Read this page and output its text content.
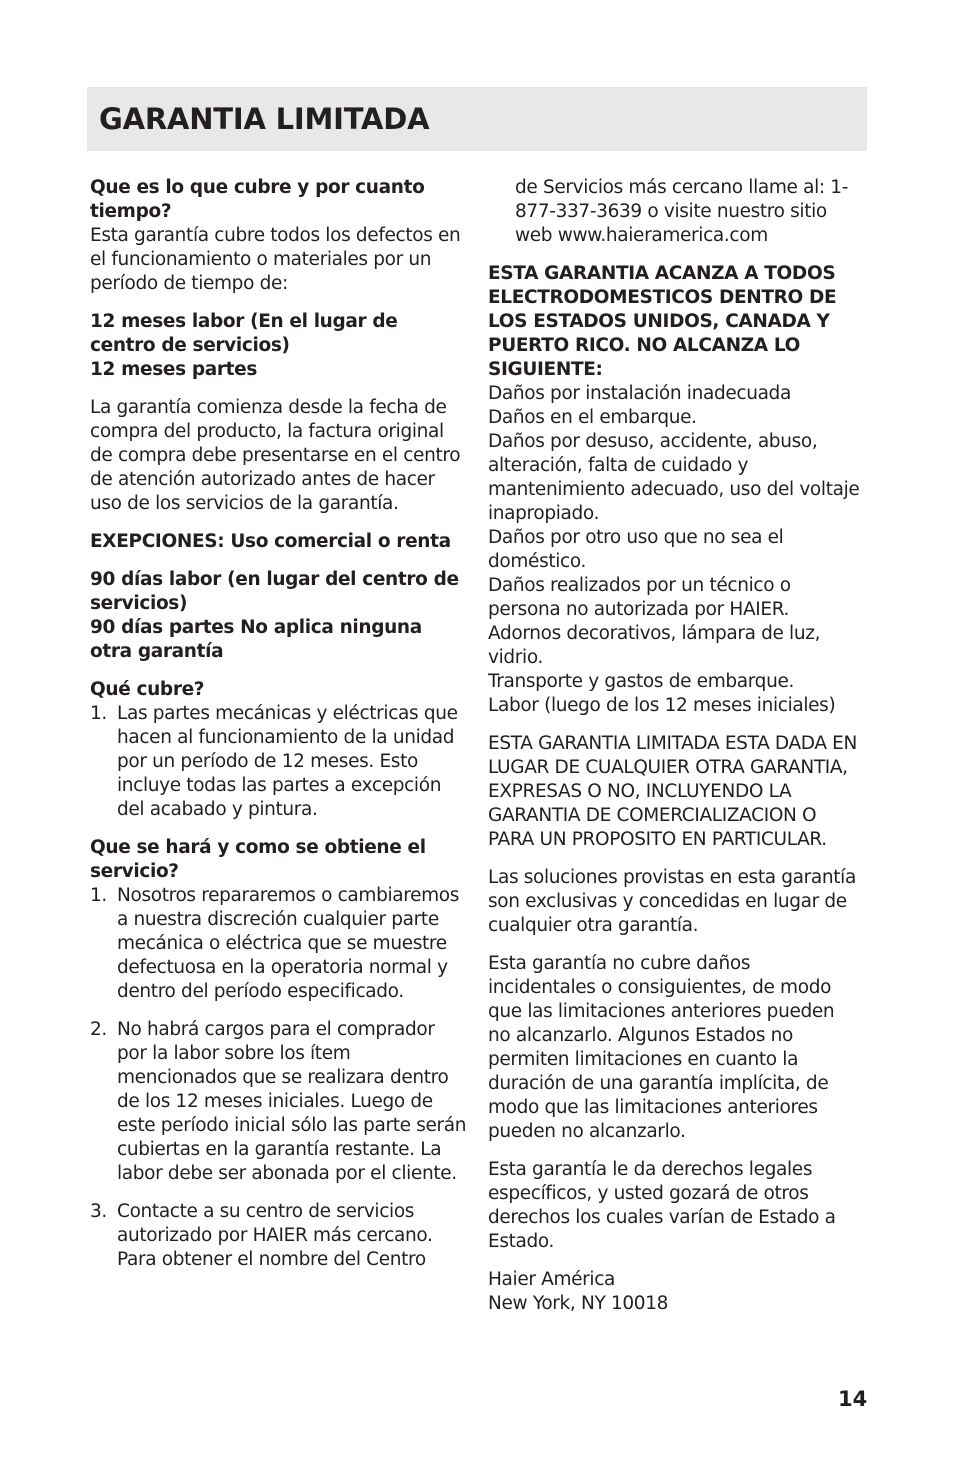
GARANTIA LIMITADA

Que es lo que cubre y por cuanto tiempo?
Esta garantía cubre todos los defectos en el funcionamiento o materiales por un período de tiempo de:

12 meses labor (En el lugar de centro de servicios)
12 meses partes

La garantía comienza desde la fecha de compra del producto, la factura original de compra debe presentarse en el centro de atención autorizado antes de hacer uso de los servicios de la garantía.

EXEPCIONES: Uso comercial o renta

90 días labor (en lugar del centro de servicios)
90 días partes No aplica ninguna otra garantía

Qué cubre?
1. Las partes mecánicas y eléctricas que hacen al funcionamiento de la unidad por un período de 12 meses. Esto incluye todas las partes a excepción del acabado y pintura.
Que se hará y como se obtiene el servicio?
1. Nosotros repararemos o cambiaremos a nuestra discreción cualquier parte mecánica o eléctrica que se muestre defectuosa en la operatoria normal y dentro del período especificado.
2. No habrá cargos para el comprador por la labor sobre los ítem mencionados que se realizara dentro de los 12 meses iniciales. Luego de este período inicial sólo las parte serán cubiertas en la garantía restante. La labor debe ser abonada por el cliente.
3. Contacte a su centro de servicios autorizado por HAIER más cercano. Para obtener el nombre del Centro
de Servicios más cercano llame al: 1-877-337-3639 o visite nuestro sitio web www.haieramerica.com

ESTA GARANTIA ACANZA A TODOS ELECTRODOMESTICOS DENTRO DE LOS ESTADOS UNIDOS, CANADA Y PUERTO RICO. NO ALCANZA LO SIGUIENTE:
Daños por instalación inadecuada
Daños en el embarque.
Daños por desuso, accidente, abuso, alteración, falta de cuidado y mantenimiento adecuado, uso del voltaje inapropiado.
Daños por otro uso que no sea el doméstico.
Daños realizados por un técnico o persona no autorizada por HAIER.
Adornos decorativos, lámpara de luz, vidrio.
Transporte y gastos de embarque.
Labor (luego de los 12 meses iniciales)

ESTA GARANTIA LIMITADA ESTA DADA EN LUGAR DE CUALQUIER OTRA GARANTIA, EXPRESAS O NO, INCLUYENDO LA GARANTIA DE COMERCIALIZACION O PARA UN PROPOSITO EN PARTICULAR.

Las soluciones provistas en esta garantía son exclusivas y concedidas en lugar de cualquier otra garantía.

Esta garantía no cubre daños incidentales o consiguientes, de modo que las limitaciones anteriores pueden no alcanzarlo. Algunos Estados no permiten limitaciones en cuanto la duración de una garantía implícita, de modo que las limitaciones anteriores pueden no alcanzarlo.

Esta garantía le da derechos legales específicos, y usted gozará de otros derechos los cuales varían de Estado a Estado.

Haier América
New York, NY 10018

14
